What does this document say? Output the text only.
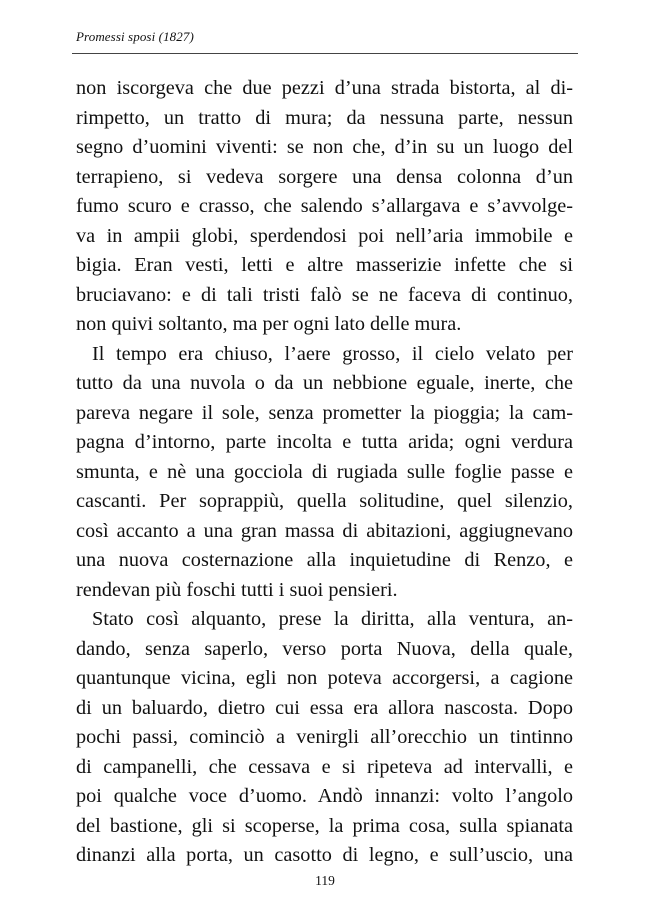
Promessi sposi (1827)
non iscorgeva che due pezzi d’una strada bistorta, al di-
rimpetto, un tratto di mura; da nessuna parte, nessun
segno d’uomini viventi: se non che, d’in su un luogo del
terrapieno, si vedeva sorgere una densa colonna d’un
fumo scuro e crasso, che salendo s’allargava e s’avvolge-
va in ampii globi, sperdendosi poi nell’aria immobile e
bigia. Eran vesti, letti e altre masserizie infette che si
bruciavano: e di tali tristi falò se ne faceva di continuo,
non quivi soltanto, ma per ogni lato delle mura.
Il tempo era chiuso, l’aere grosso, il cielo velato per
tutto da una nuvola o da un nebbione eguale, inerte, che
pareva negare il sole, senza prometter la pioggia; la cam-
pagna d’intorno, parte incolta e tutta arida; ogni verdura
smunta, e nè una gocciola di rugiada sulle foglie passe e
cascanti. Per soprappiù, quella solitudine, quel silenzio,
così accanto a una gran massa di abitazioni, aggiugnevano
una nuova costernazione alla inquietudine di Renzo, e
rendevan più foschi tutti i suoi pensieri.
Stato così alquanto, prese la diritta, alla ventura, an-
dando, senza saperlo, verso porta Nuova, della quale,
quantunque vicina, egli non poteva accorgersi, a cagione
di un baluardo, dietro cui essa era allora nascosta. Dopo
pochi passi, cominciò a venirgli all’orecchio un tintinno
di campanelli, che cessava e si ripeteva ad intervalli, e
poi qualche voce d’uomo. Andò innanzi: volto l’angolo
del bastione, gli si scoperse, la prima cosa, sulla spianata
dinanzi alla porta, un casotto di legno, e sull’uscio, una
119
